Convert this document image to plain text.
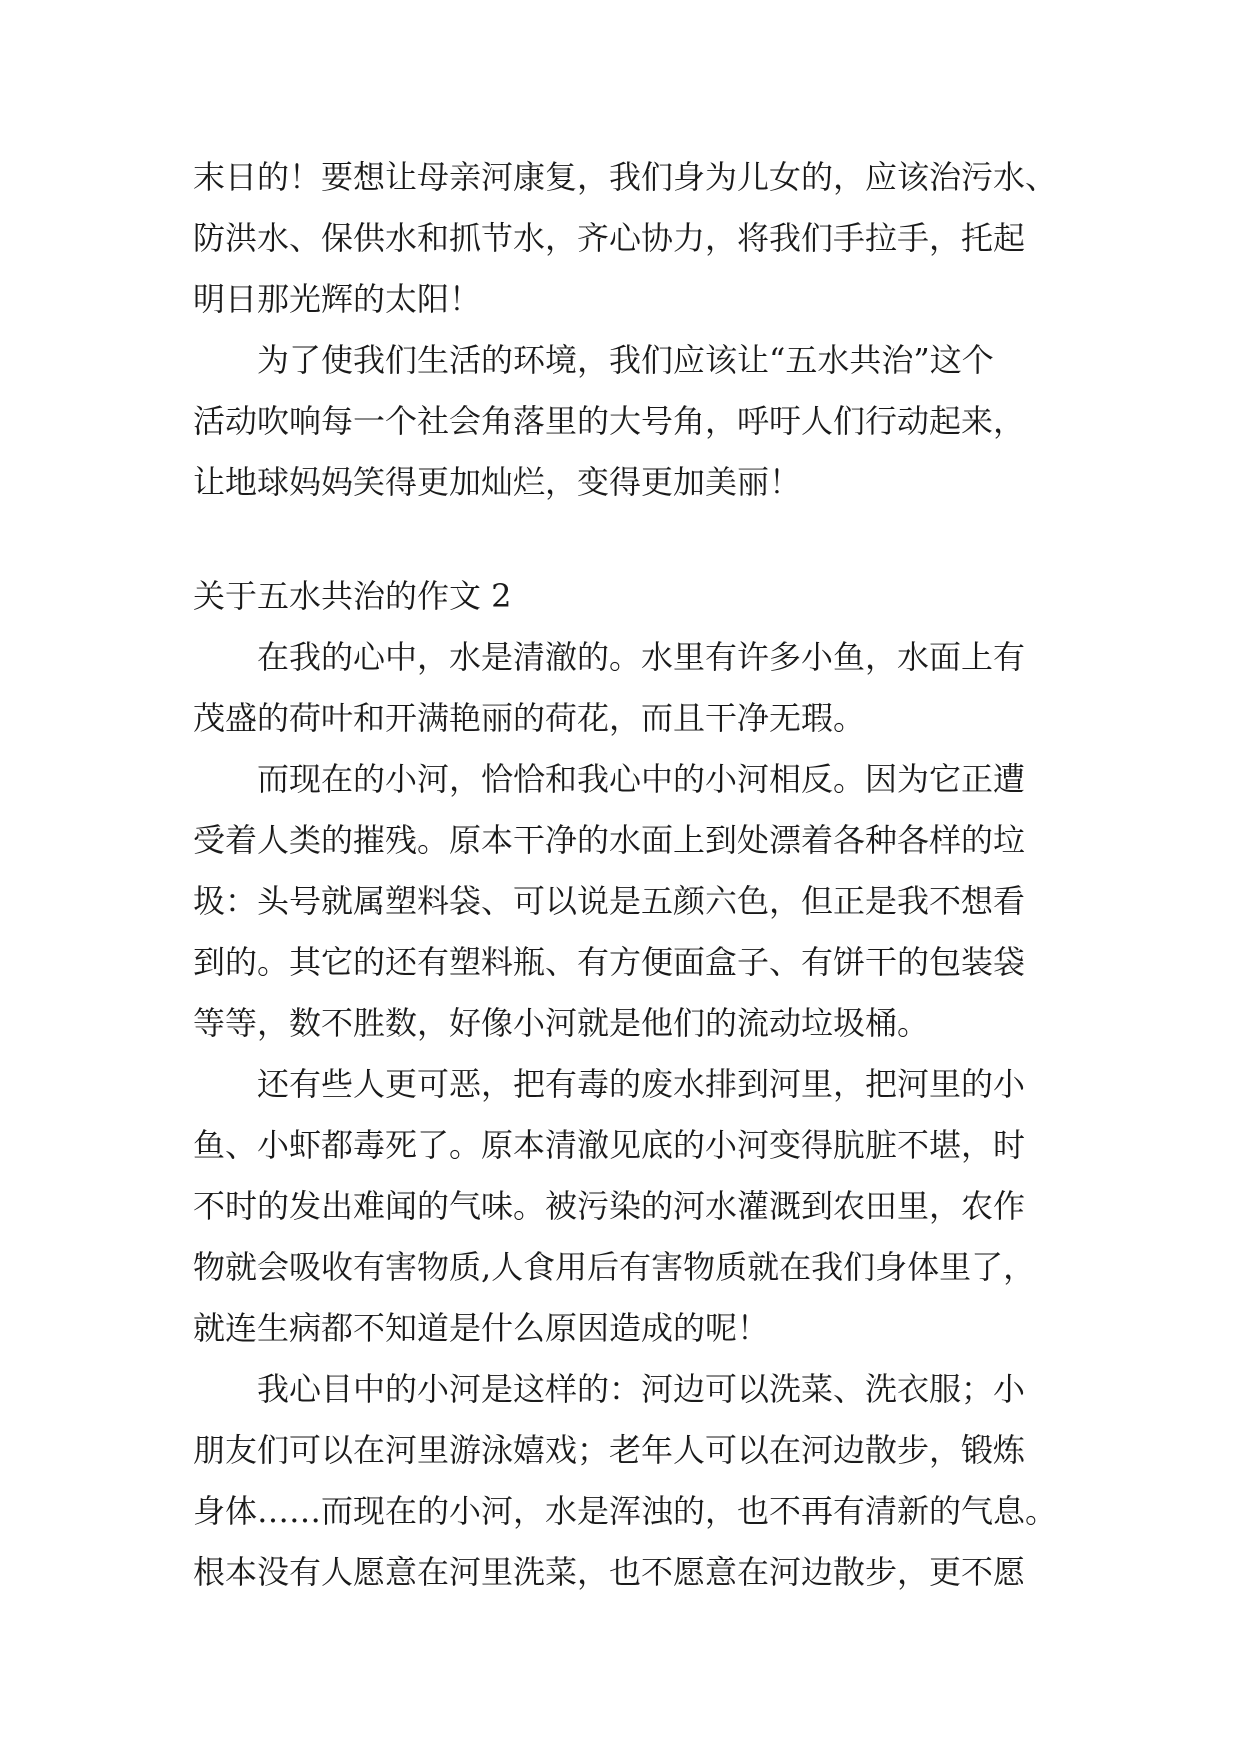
末日的！要想让母亲河康复，我们身为儿女的，应该治污水、
防洪水、保供水和抓节水，齐心协力，将我们手拉手，托起
明日那光辉的太阳！
为了使我们生活的环境，我们应该让“五水共治”这个
活动吹响每一个社会角落里的大号角，呼吁人们行动起来，
让地球妈妈笑得更加灿烂，变得更加美丽！
关于五水共治的作文 2
在我的心中，水是清澈的。水里有许多小鱼，水面上有
茂盛的荷叶和开满艳丽的荷花，而且干净无瑕。
而现在的小河，恰恰和我心中的小河相反。因为它正遭
受着人类的摧残。原本干净的水面上到处漂着各种各样的垃
圾：头号就属塑料袋、可以说是五颜六色，但正是我不想看
到的。其它的还有塑料瓶、有方便面盒子、有饼干的包装袋
等等，数不胜数，好像小河就是他们的流动垃圾桶。
还有些人更可恶，把有毒的废水排到河里，把河里的小
鱼、小虾都毒死了。原本清澈见底的小河变得肮脏不堪，时
不时的发出难闻的气味。被污染的河水灌溉到农田里，农作
物就会吸收有害物质,人食用后有害物质就在我们身体里了，
就连生病都不知道是什么原因造成的呢！
我心目中的小河是这样的：河边可以洗菜、洗衣服；小
朋友们可以在河里游泳嬉戏；老年人可以在河边散步，锻炼
身体……而现在的小河，水是浑浊的，也不再有清新的气息。
根本没有人愿意在河里洗菜，也不愿意在河边散步，更不愿
